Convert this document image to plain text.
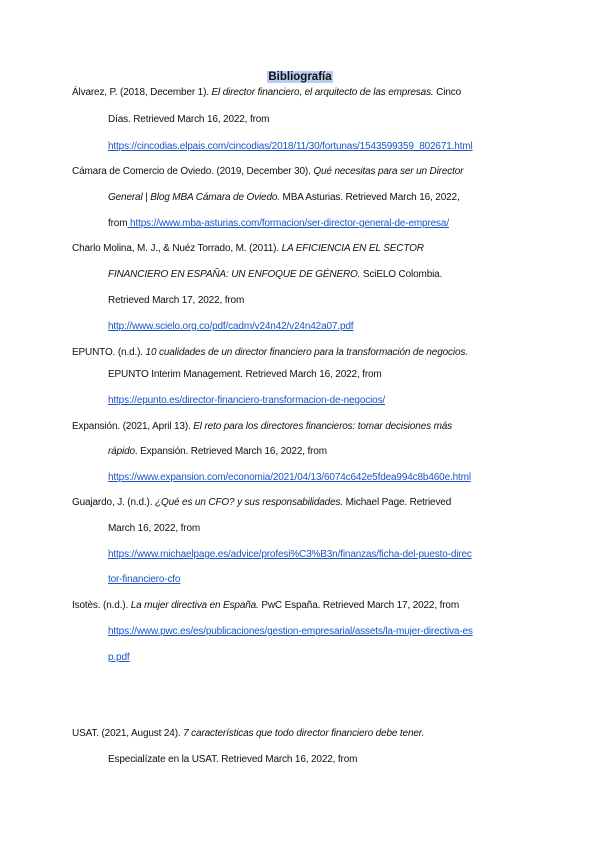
Bibliografía
Álvarez, P. (2018, December 1). El director financiero, el arquitecto de las empresas. Cinco
Días. Retrieved March 16, 2022, from
https://cincodias.elpais.com/cincodias/2018/11/30/fortunas/1543599359_802671.html
Cámara de Comercio de Oviedo. (2019, December 30). Qué necesitas para ser un Director
General | Blog MBA Cámara de Oviedo. MBA Asturias. Retrieved March 16, 2022,
from https://www.mba-asturias.com/formacion/ser-director-general-de-empresa/
Charlo Molina, M. J., & Nuéz Torrado, M. (2011). LA EFICIENCIA EN EL SECTOR
FINANCIERO EN ESPAÑA: UN ENFOQUE DE GÉNERO. SciELO Colombia.
Retrieved March 17, 2022, from
http://www.scielo.org.co/pdf/cadm/v24n42/v24n42a07.pdf
EPUNTO. (n.d.). 10 cualidades de un director financiero para la transformación de negocios.
EPUNTO Interim Management. Retrieved March 16, 2022, from
https://epunto.es/director-financiero-transformacion-de-negocios/
Expansión. (2021, April 13). El reto para los directores financieros: tomar decisiones más
rápido. Expansión. Retrieved March 16, 2022, from
https://www.expansion.com/economia/2021/04/13/6074c642e5fdea994c8b460e.html
Guajardo, J. (n.d.). ¿Qué es un CFO? y sus responsabilidades. Michael Page. Retrieved
March 16, 2022, from
https://www.michaelpage.es/advice/profesi%C3%B3n/finanzas/ficha-del-puesto-direc
tor-financiero-cfo
Isotès. (n.d.). La mujer directiva en España. PwC España. Retrieved March 17, 2022, from
https://www.pwc.es/es/publicaciones/gestion-empresarial/assets/la-mujer-directiva-es
p.pdf
USAT. (2021, August 24). 7 características que todo director financiero debe tener.
Especialízate en la USAT. Retrieved March 16, 2022, from
